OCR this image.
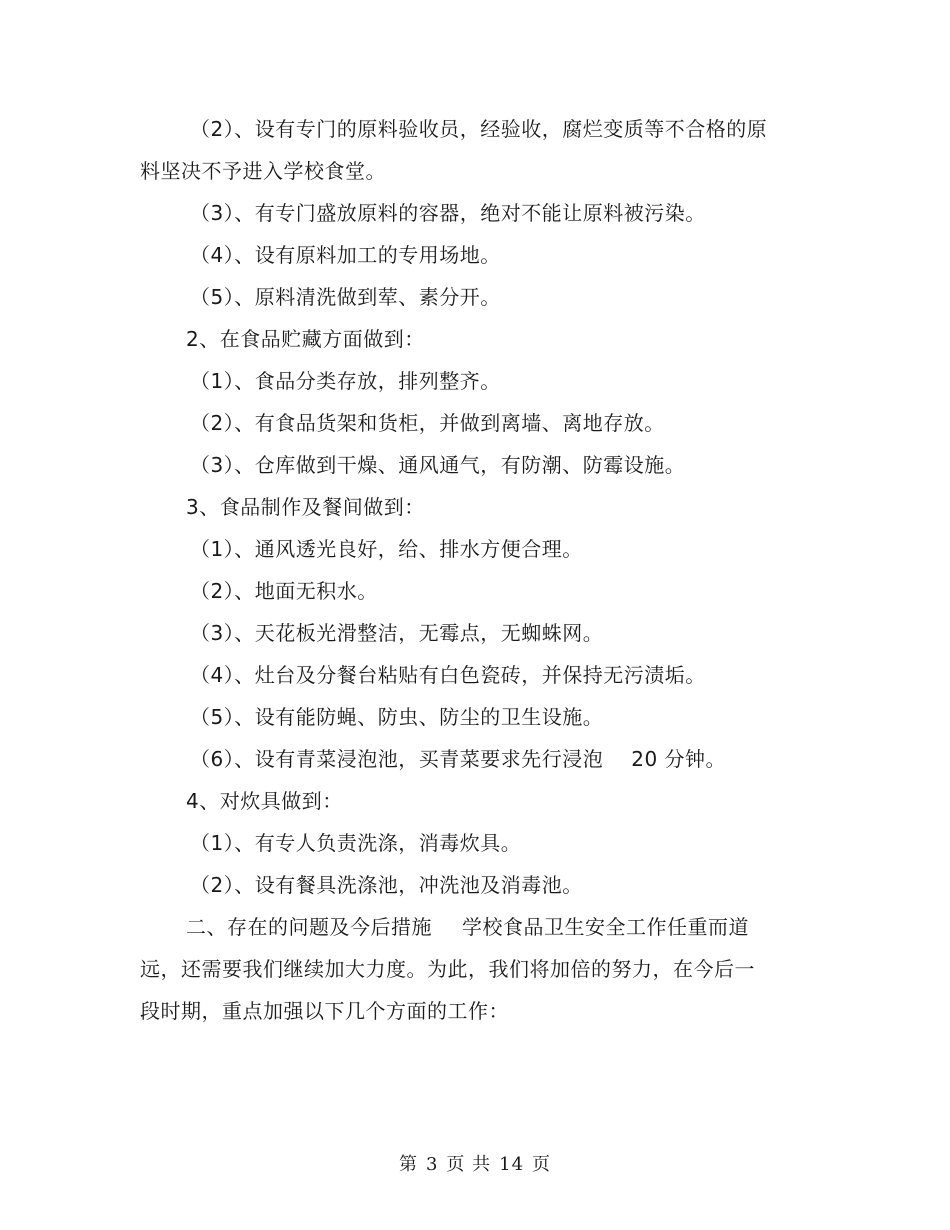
（2）、设有专门的原料验收员，经验收，腐烂变质等不合格的原
料坚决不予进入学校食堂。
（3）、有专门盛放原料的容器，绝对不能让原料被污染。
（4）、设有原料加工的专用场地。
（5）、原料清洗做到荤、素分开。
2、在食品贮藏方面做到：
（1）、食品分类存放，排列整齐。
（2）、有食品货架和货柜，并做到离墙、离地存放。
（3）、仓库做到干燥、通风通气，有防潮、防霉设施。
3、食品制作及餐间做到：
（1）、通风透光良好，给、排水方便合理。
（2）、地面无积水。
（3）、天花板光滑整洁，无霉点，无蜘蛛网。
（4）、灶台及分餐台粘贴有白色瓷砖，并保持无污渍垢。
（5）、设有能防蝇、防虫、防尘的卫生设施。
（6）、设有青菜浸泡池，买青菜要求先行浸泡 20 分钟。
4、对炊具做到：
（1）、有专人负责洗涤，消毒炊具。
（2）、设有餐具洗涤池，冲洗池及消毒池。
二、存在的问题及今后措施 学校食品卫生安全工作任重而道
远，还需要我们继续加大力度。为此，我们将加倍的努力，在今后一
段时期，重点加强以下几个方面的工作：
第 3 页 共 14 页
